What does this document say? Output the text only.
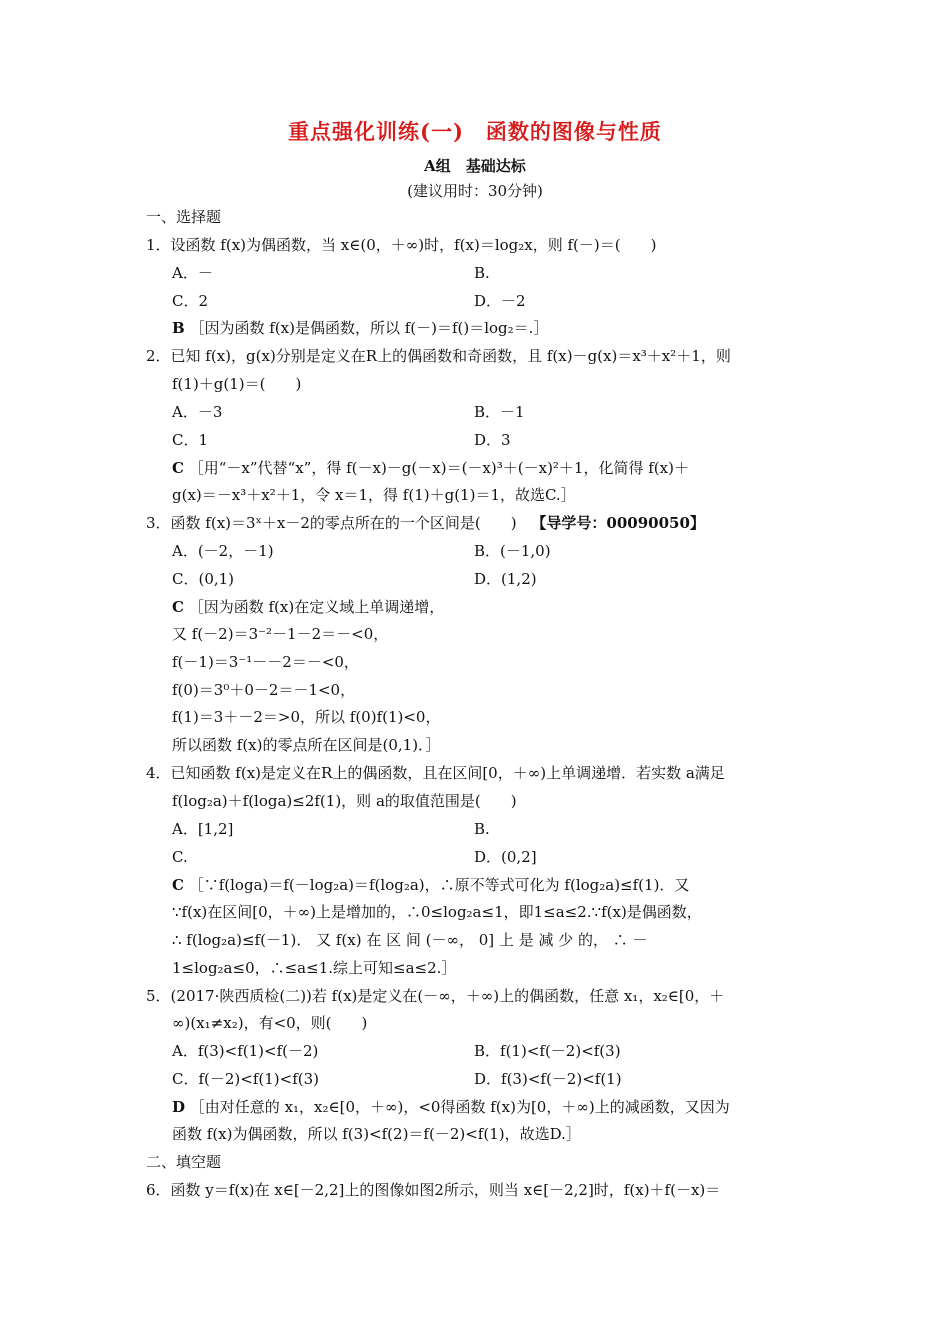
重点强化训练(一)　函数的图像与性质
A组　基础达标
(建议用时：30分钟)
一、选择题
1．设函数 f(x)为偶函数，当 x∈(0，＋∞)时，f(x)＝log₂x，则 f(－)＝(　　)
A．－	B.
C．2	D．－2
B ［因为函数 f(x)是偶函数，所以 f(－)＝f()＝log₂＝.］
2．已知 f(x)，g(x)分别是定义在R上的偶函数和奇函数，且 f(x)－g(x)＝x³＋x²＋1，则
f(1)＋g(1)＝(　　)
A．－3	B．－1
C．1	D．3
C ［用“－x”代替“x”，得 f(－x)－g(－x)＝(－x)³＋(－x)²＋1，化简得 f(x)＋
g(x)＝－x³＋x²＋1，令 x＝1，得 f(1)＋g(1)＝1，故选C.］
3．函数 f(x)＝3ˣ＋x－2的零点所在的一个区间是(　　) 【导学号：00090050】
A．(－2，－1)	B．(－1,0)
C．(0,1)	D．(1,2)
C ［因为函数 f(x)在定义域上单调递增，
又 f(－2)＝3⁻²－1－2＝－<0，
f(－1)＝3⁻¹－－2＝－<0，
f(0)＝3⁰＋0－2＝－1<0，
f(1)＝3＋－2＝>0，所以 f(0)f(1)<0，
所以函数 f(x)的零点所在区间是(0,1)．］
4．已知函数 f(x)是定义在R上的偶函数，且在区间[0，＋∞)上单调递增．若实数 a满足
f(log₂a)＋f(loga)≤2f(1)，则 a的取值范围是(　　)
A．[1,2]	B.
C.	D．(0,2]
C ［∵f(loga)＝f(－log₂a)＝f(log₂a)，∴原不等式可化为 f(log₂a)≤f(1)．又
∵f(x)在区间[0，＋∞)上是增加的，∴0≤log₂a≤1，即1≤a≤2.∵f(x)是偶函数，
∴ f(log₂a)≤f(－1)． 又 f(x) 在 区 间 (－∞， 0] 上 是 减 少 的， ∴ －
1≤log₂a≤0，∴≤a≤1.综上可知≤a≤2.］
5．(2017·陕西质检(二))若 f(x)是定义在(－∞，＋∞)上的偶函数，任意 x₁，x₂∈[0，＋
∞)(x₁≠x₂)，有<0，则(　　)
A．f(3)<f(1)<f(－2)	B．f(1)<f(－2)<f(3)
C．f(－2)<f(1)<f(3)	D．f(3)<f(－2)<f(1)
D ［由对任意的 x₁，x₂∈[0，＋∞)，<0得函数 f(x)为[0，＋∞)上的减函数，又因为
函数 f(x)为偶函数，所以 f(3)<f(2)＝f(－2)<f(1)，故选D.］
二、填空题
6．函数 y＝f(x)在 x∈[－2,2]上的图像如图2所示，则当 x∈[－2,2]时，f(x)＋f(－x)＝
